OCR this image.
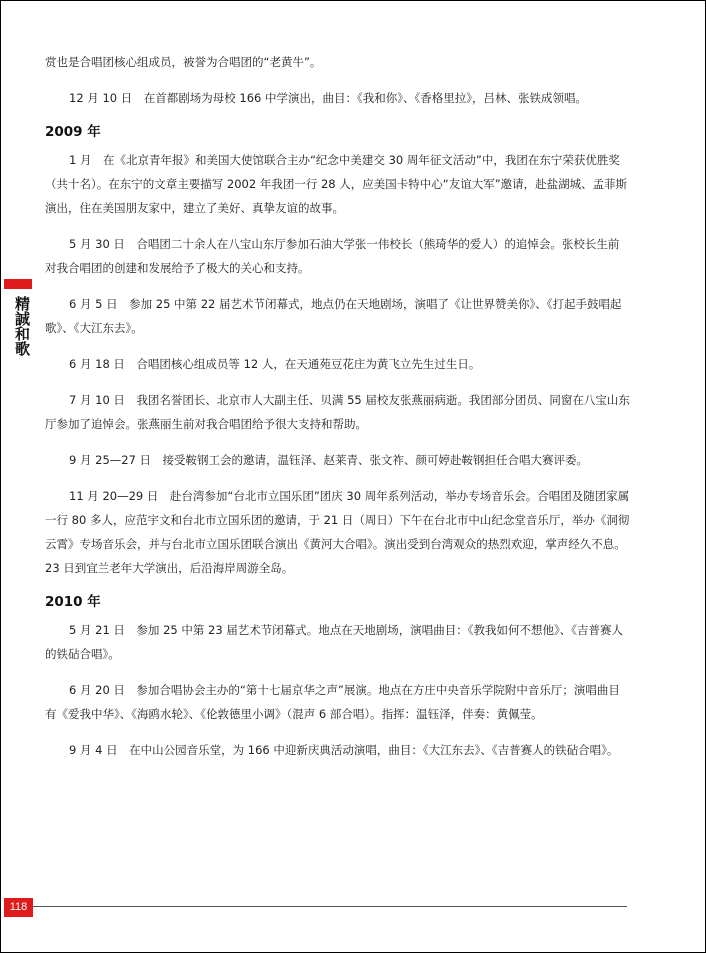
精誠和歌

赏也是合唱团核心组成员，被誉为合唱团的“老黄牛”。

12 月 10 日　在首都剧场为母校 166 中学演出，曲目：《我和你》、《香格里拉》，吕林、张铁成领唱。

2009 年

1 月　在《北京青年报》和美国大使馆联合主办“纪念中美建交 30 周年征文活动”中，我团在东宁荣获优胜奖（共十名）。在东宁的文章主要描写 2002 年我团一行 28 人，应美国卡特中心“友谊大军”邀请，赴盐湖城、孟菲斯演出，住在美国朋友家中，建立了美好、真挚友谊的故事。

5 月 30 日　合唱团二十余人在八宝山东厅参加石油大学张一伟校长（熊琦华的爱人）的追悼会。张校长生前对我合唱团的创建和发展给予了极大的关心和支持。

6 月 5 日　参加 25 中第 22 届艺术节闭幕式，地点仍在天地剧场，演唱了《让世界赞美你》、《打起手鼓唱起歌》、《大江东去》。

6 月 18 日　合唱团核心组成员等 12 人，在天通苑豆花庄为黄飞立先生过生日。

7 月 10 日　我团名誉团长、北京市人大副主任、贝满 55 届校友张燕丽病逝。我团部分团员、同窗在八宝山东厅参加了追悼会。张燕丽生前对我合唱团给予很大支持和帮助。

9 月 25—27 日　接受鞍钢工会的邀请，温钰泽、赵莱青、张文祚、颜可婷赴鞍钢担任合唱大赛评委。

11 月 20—29 日　赴台湾参加“台北市立国乐团”团庆 30 周年系列活动，举办专场音乐会。合唱团及随团家属一行 80 多人，应范宇文和台北市立国乐团的邀请，于 21 日（周日）下午在台北市中山纪念堂音乐厅，举办《洞彻云霄》专场音乐会，并与台北市立国乐团联合演出《黄河大合唱》。演出受到台湾观众的热烈欢迎，掌声经久不息。23 日到宜兰老年大学演出，后沿海岸周游全岛。

2010 年

5 月 21 日　参加 25 中第 23 届艺术节闭幕式。地点在天地剧场，演唱曲目：《教我如何不想他》、《吉普赛人的铁砧合唱》。

6 月 20 日　参加合唱协会主办的“第十七届京华之声”展演。地点在方庄中央音乐学院附中音乐厅；演唱曲目有《爱我中华》、《海鸥水轮》、《伦敦德里小调》（混声 6 部合唱）。指挥：温钰泽，伴奏：黄佩莹。

9 月 4 日　在中山公园音乐堂，为 166 中迎新庆典活动演唱，曲目：《大江东去》、《吉普赛人的铁砧合唱》。

118
